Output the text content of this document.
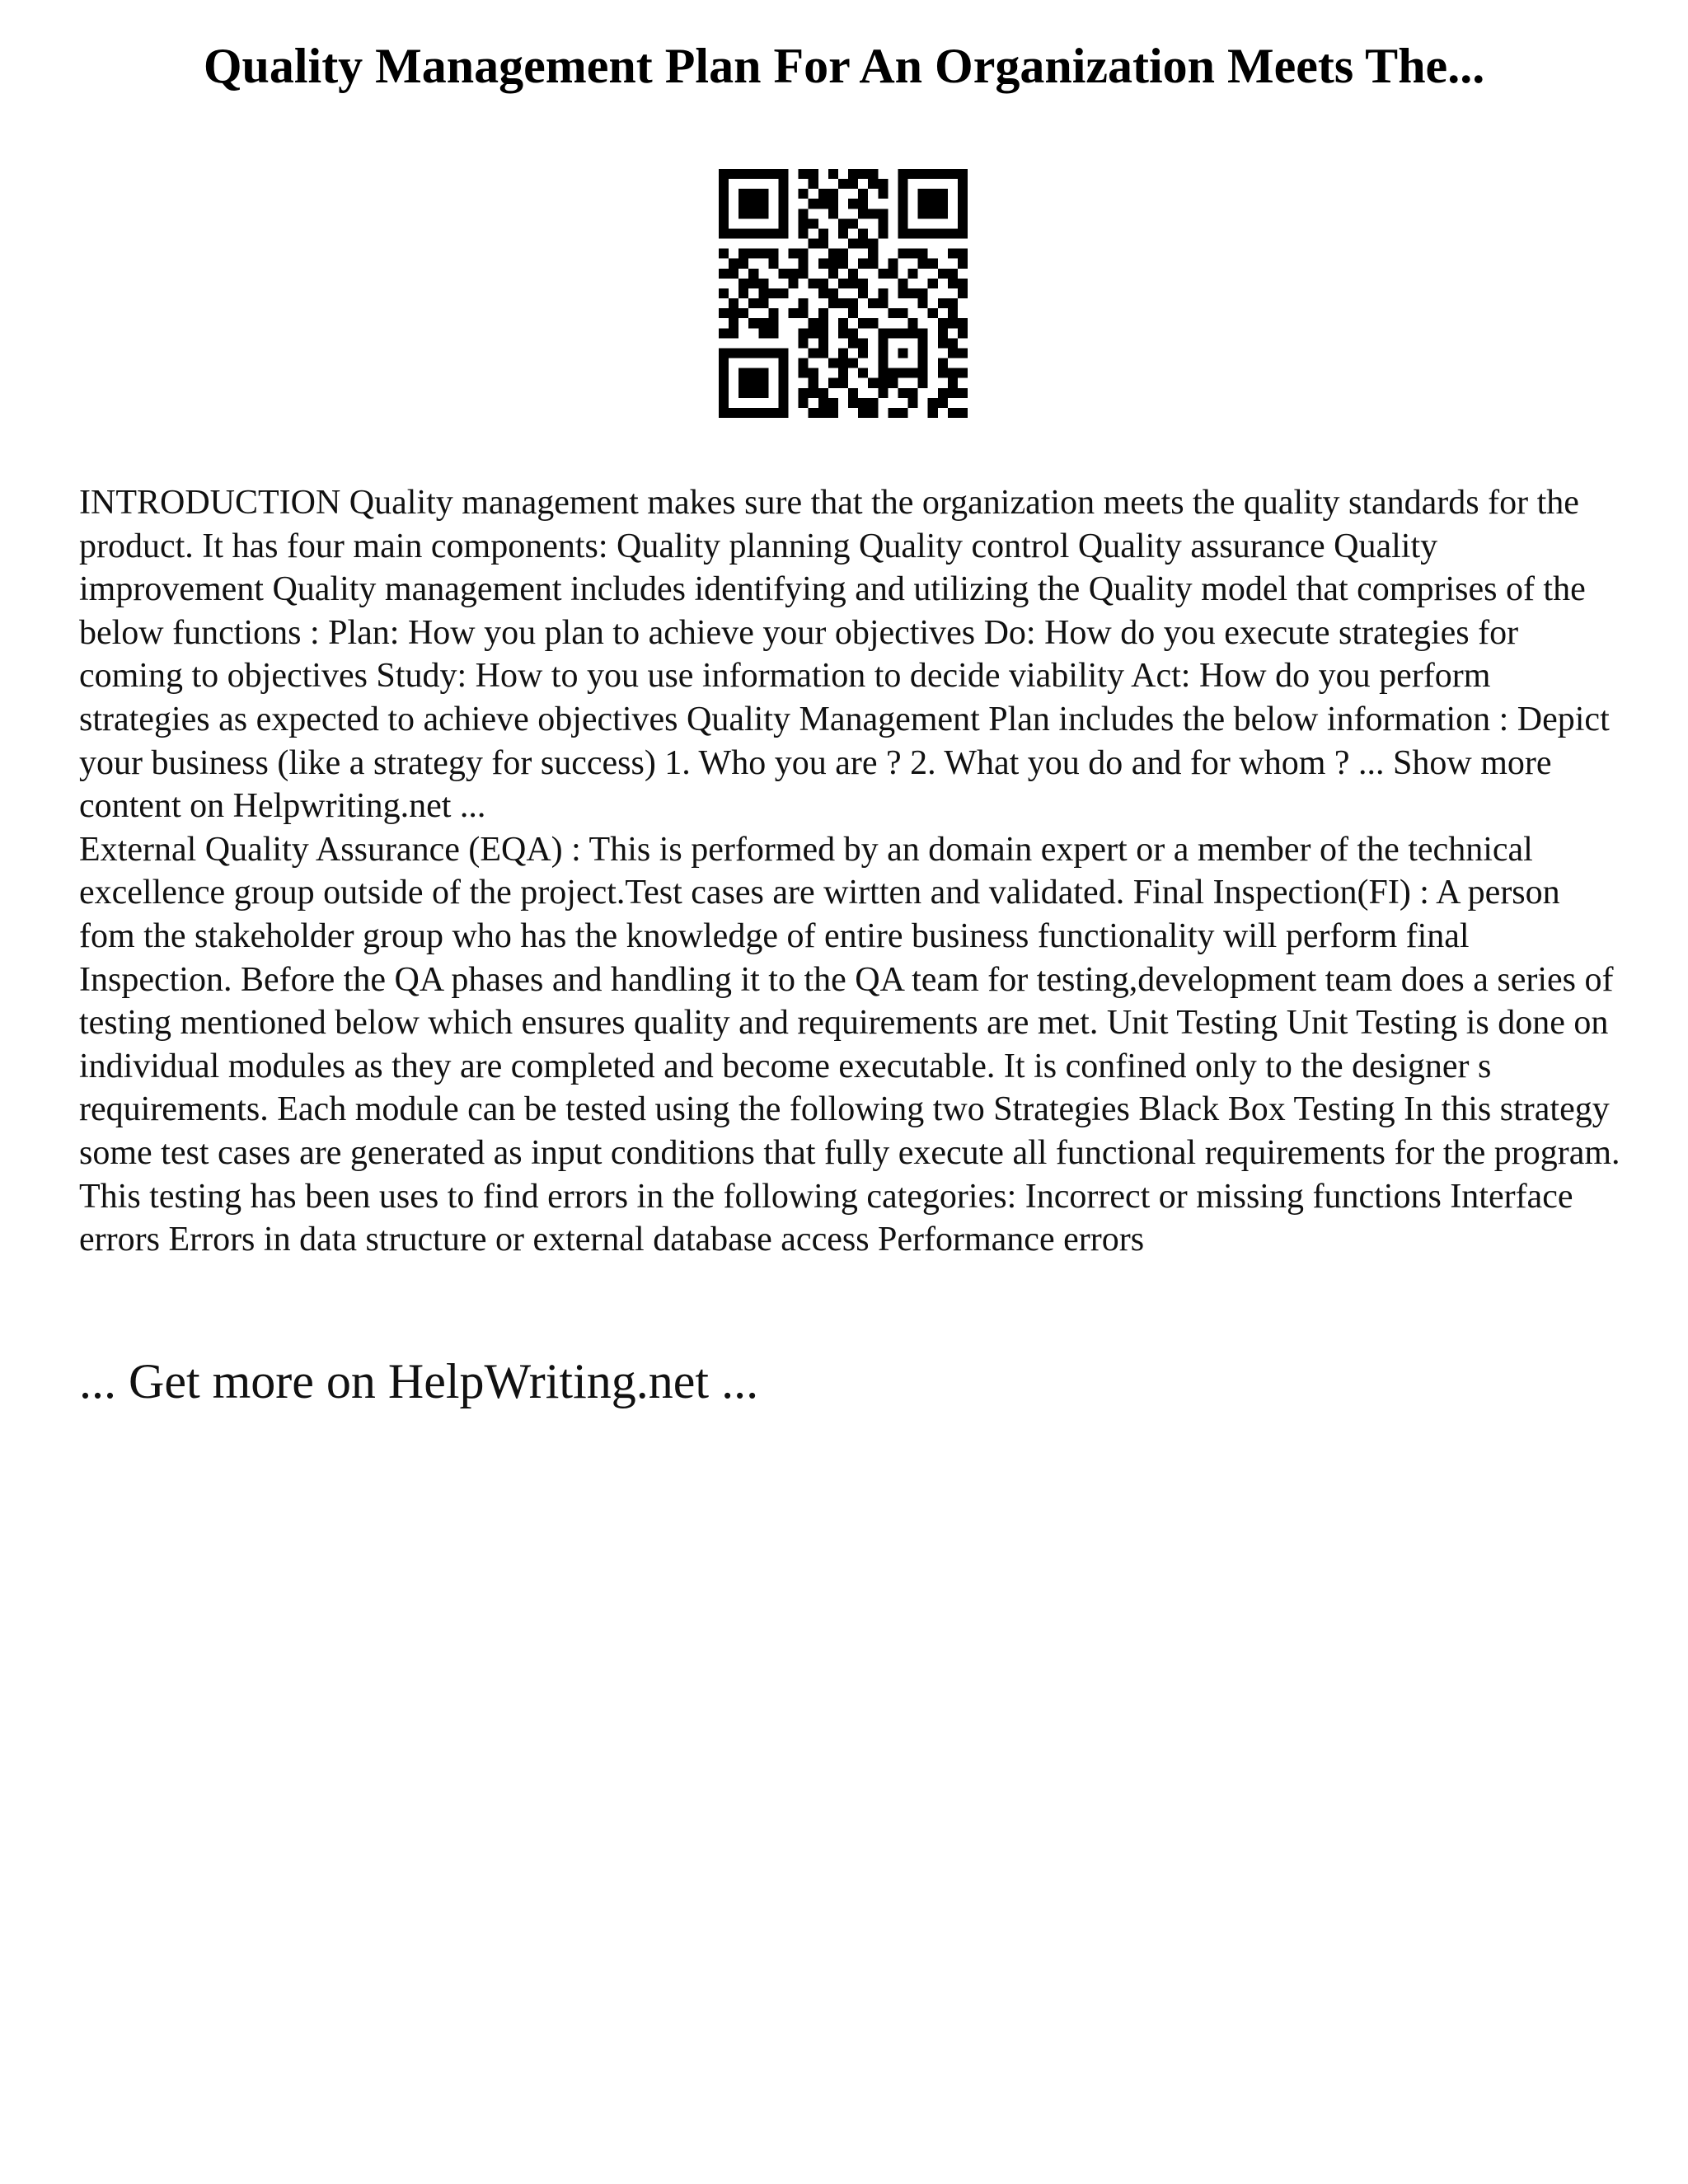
Quality Management Plan For An Organization Meets The...

INTRODUCTION Quality management makes sure that the organization meets the quality standards for the product. It has four main components: Quality planning Quality control Quality assurance Quality improvement Quality management includes identifying and utilizing the Quality model that comprises of the below functions : Plan: How you plan to achieve your objectives Do: How do you execute strategies for coming to objectives Study: How to you use information to decide viability Act: How do you perform strategies as expected to achieve objectives Quality Management Plan includes the below information : Depict your business (like a strategy for success) 1. Who you are ? 2. What you do and for whom ? ... Show more content on Helpwriting.net ...

External Quality Assurance (EQA) : This is performed by an domain expert or a member of the technical excellence group outside of the project.Test cases are wirtten and validated. Final Inspection(FI) : A person fom the stakeholder group who has the knowledge of entire business functionality will perform final Inspection. Before the QA phases and handling it to the QA team for testing,development team does a series of testing mentioned below which ensures quality and requirements are met. Unit Testing Unit Testing is done on individual modules as they are completed and become executable. It is confined only to the designer s requirements. Each module can be tested using the following two Strategies Black Box Testing In this strategy some test cases are generated as input conditions that fully execute all functional requirements for the program. This testing has been uses to find errors in the following categories: Incorrect or missing functions Interface errors Errors in data structure or external database access Performance errors

... Get more on HelpWriting.net ...
